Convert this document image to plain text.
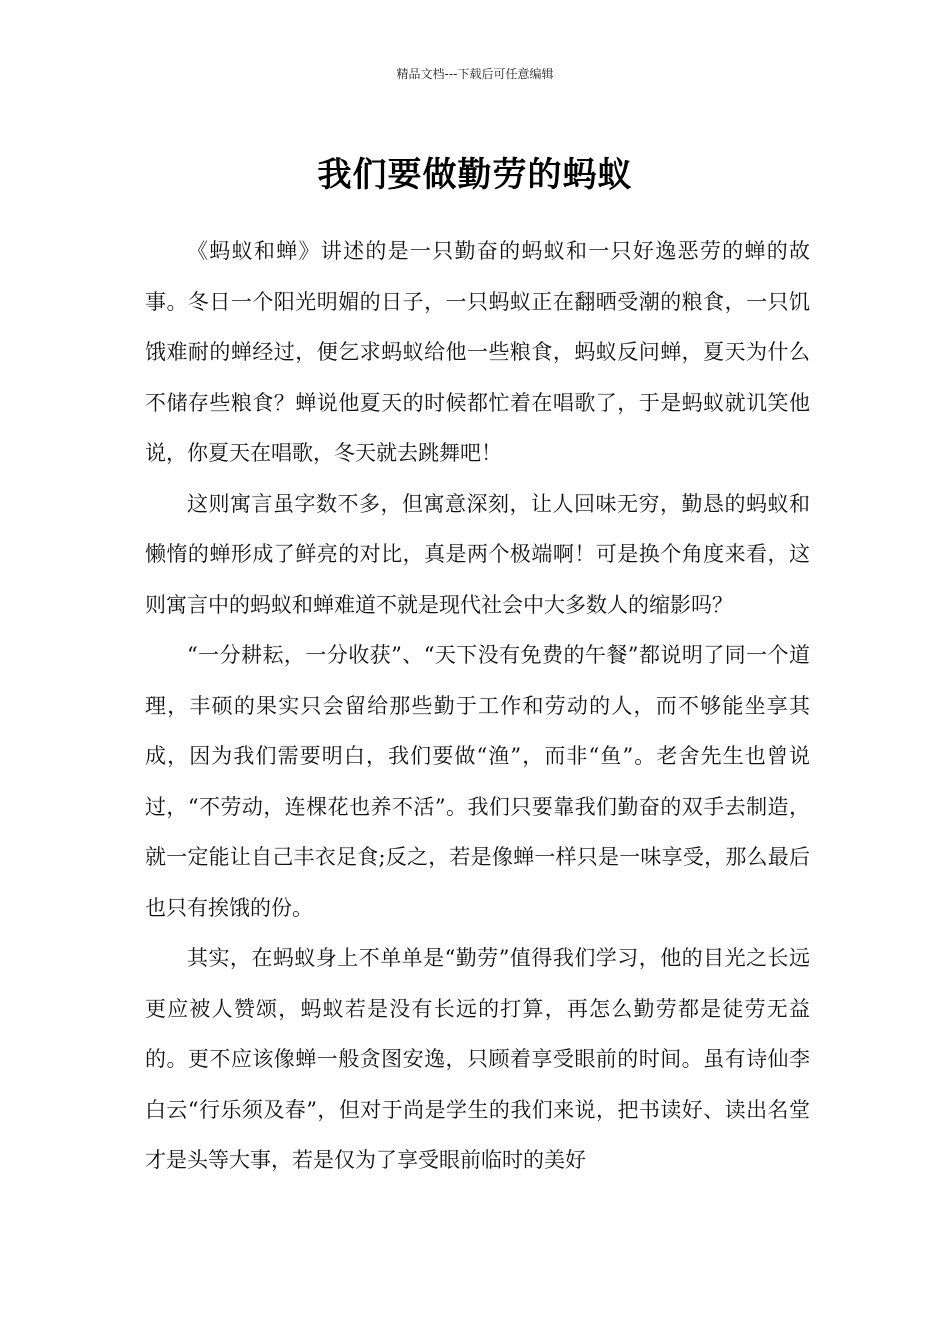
精品文档---下载后可任意编辑
我们要做勤劳的蚂蚁

《蚂蚁和蝉》讲述的是一只勤奋的蚂蚁和一只好逸恶劳的蝉的故事。冬日一个阳光明媚的日子，一只蚂蚁正在翻晒受潮的粮食，一只饥饿难耐的蝉经过，便乞求蚂蚁给他一些粮食，蚂蚁反问蝉，夏天为什么不储存些粮食？蝉说他夏天的时候都忙着在唱歌了，于是蚂蚁就讥笑他说，你夏天在唱歌，冬天就去跳舞吧！

这则寓言虽字数不多，但寓意深刻，让人回味无穷，勤恳的蚂蚁和懒惰的蝉形成了鲜亮的对比，真是两个极端啊！可是换个角度来看，这则寓言中的蚂蚁和蝉难道不就是现代社会中大多数人的缩影吗？

“一分耕耘，一分收获”、“天下没有免费的午餐”都说明了同一个道理，丰硕的果实只会留给那些勤于工作和劳动的人，而不够能坐享其成，因为我们需要明白，我们要做“渔”，而非“鱼”。老舍先生也曾说过，“不劳动，连棵花也养不活”。我们只要靠我们勤奋的双手去制造，就一定能让自己丰衣足食;反之，若是像蝉一样只是一味享受，那么最后也只有挨饿的份。

其实，在蚂蚁身上不单单是“勤劳”值得我们学习，他的目光之长远更应被人赞颂，蚂蚁若是没有长远的打算，再怎么勤劳都是徒劳无益的。更不应该像蝉一般贪图安逸，只顾着享受眼前的时间。虽有诗仙李白云“行乐须及春”，但对于尚是学生的我们来说，把书读好、读出名堂才是头等大事，若是仅为了享受眼前临时的美好
